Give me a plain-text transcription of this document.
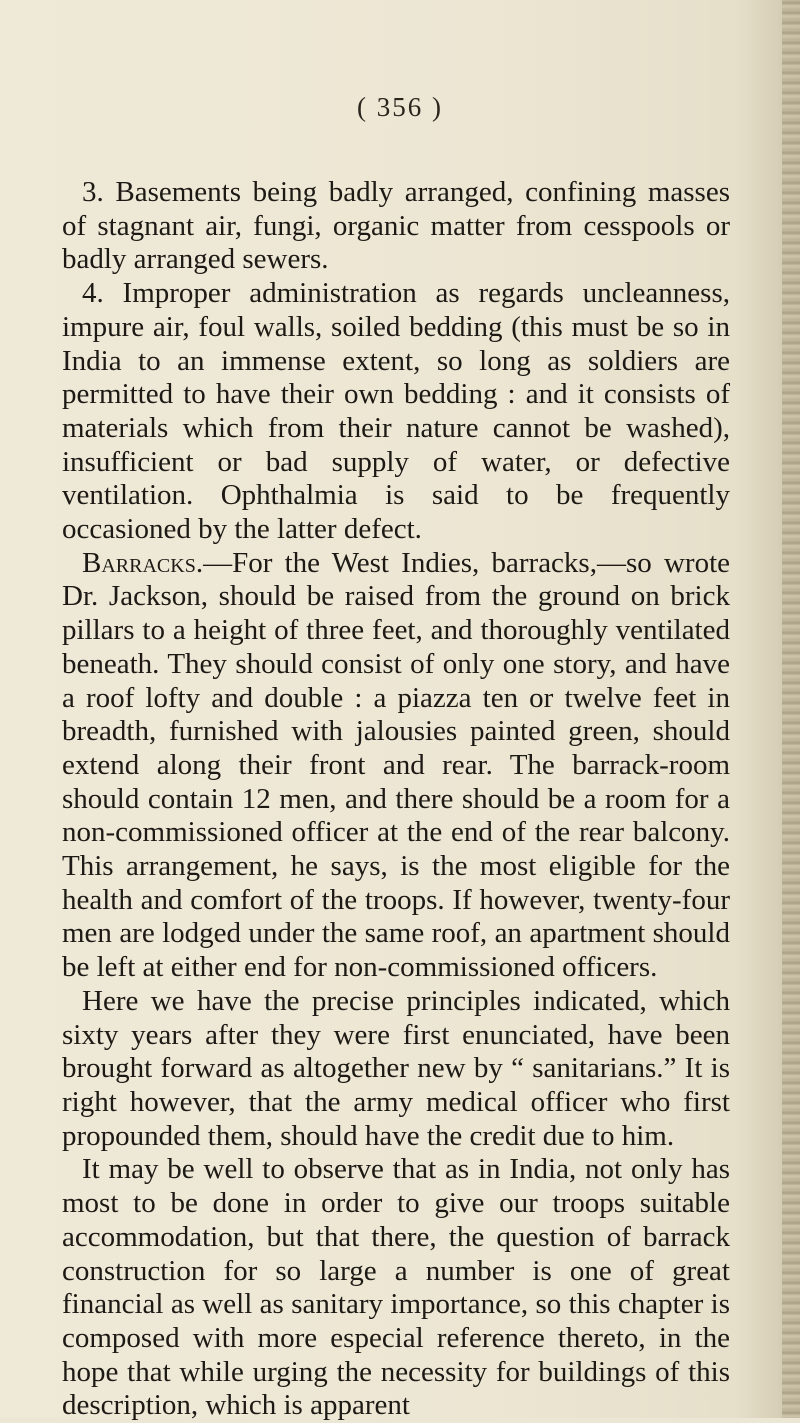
( 356 )

3. Basements being badly arranged, confining masses of stagnant air, fungi, organic matter from cesspools or badly arranged sewers.

4. Improper administration as regards uncleanness, impure air, foul walls, soiled bedding (this must be so in India to an immense extent, so long as soldiers are permitted to have their own bedding : and it consists of materials which from their nature cannot be washed), insufficient or bad supply of water, or defective ventilation. Ophthalmia is said to be frequently occasioned by the latter defect.

Barracks.—For the West Indies, barracks,—so wrote Dr. Jackson, should be raised from the ground on brick pillars to a height of three feet, and thoroughly ventilated beneath. They should consist of only one story, and have a roof lofty and double : a piazza ten or twelve feet in breadth, furnished with jalousies painted green, should extend along their front and rear. The barrack-room should contain 12 men, and there should be a room for a non-commissioned officer at the end of the rear balcony. This arrangement, he says, is the most eligible for the health and comfort of the troops. If however, twenty-four men are lodged under the same roof, an apartment should be left at either end for non-commissioned officers.

Here we have the precise principles indicated, which sixty years after they were first enunciated, have been brought forward as altogether new by “ sanitarians.” It is right however, that the army medical officer who first propounded them, should have the credit due to him.

It may be well to observe that as in India, not only has most to be done in order to give our troops suitable accommodation, but that there, the question of barrack construction for so large a number is one of great financial as well as sanitary importance, so this chapter is composed with more especial reference thereto, in the hope that while urging the necessity for buildings of this description, which is apparent
